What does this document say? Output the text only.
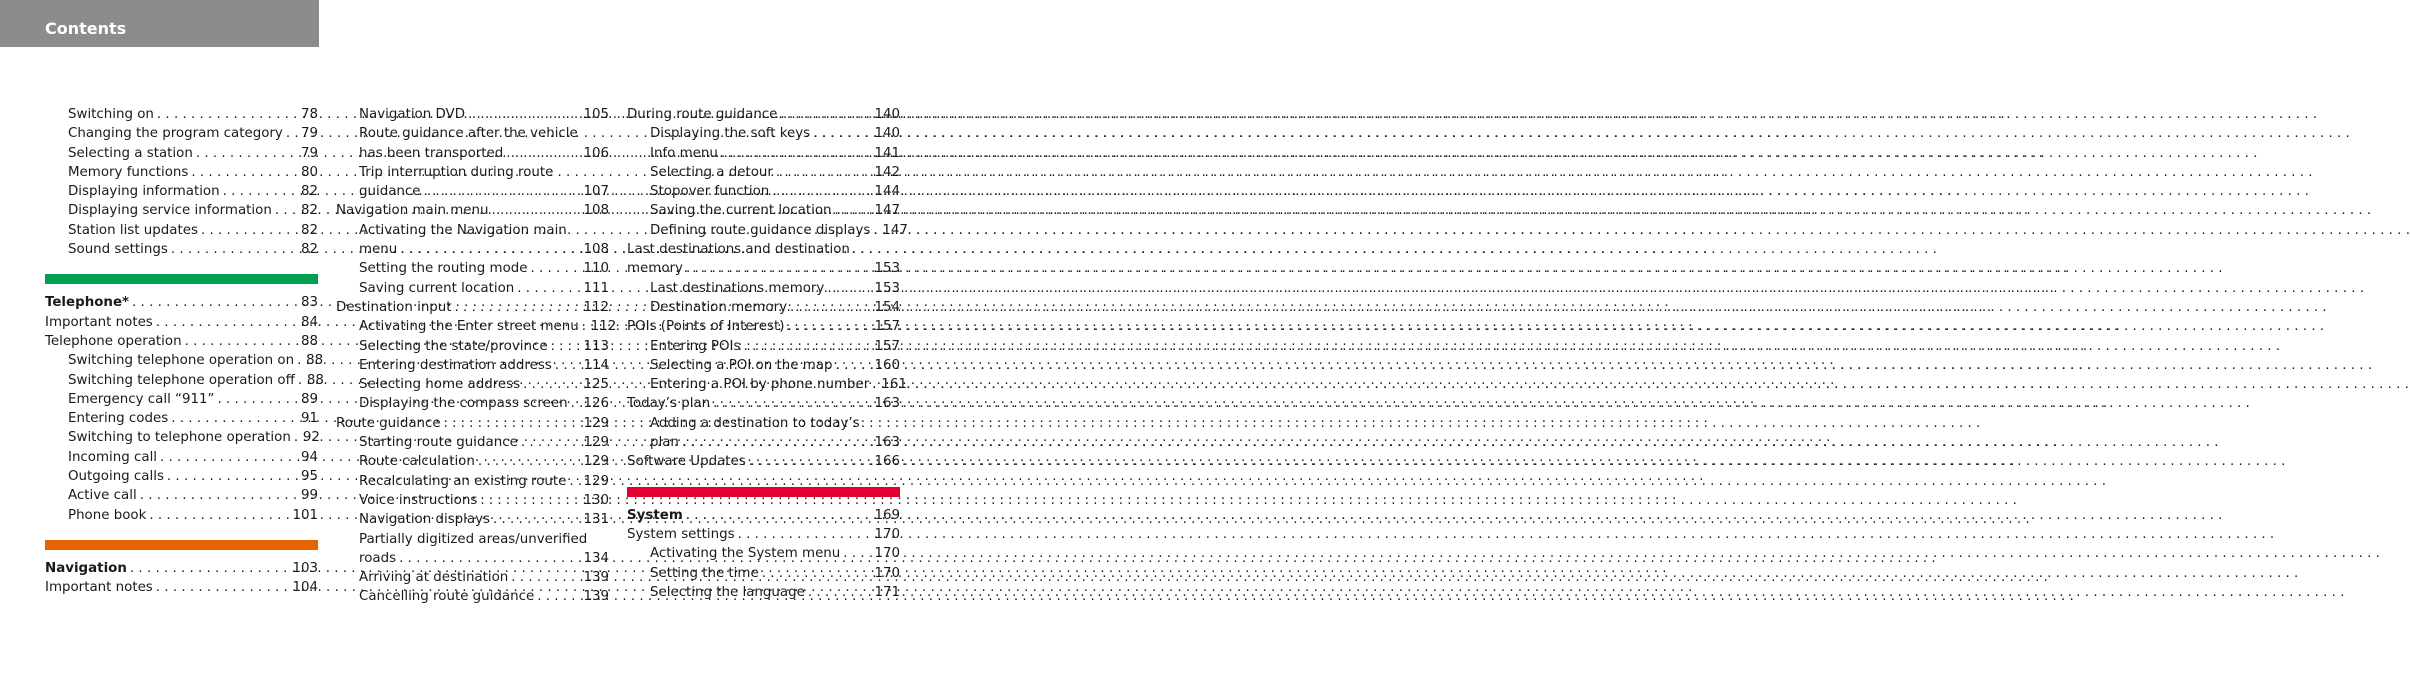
Contents
Switching on . . .	78
Changing the program category . . . 79
Selecting a station . . .	79
Memory functions . . .	80
Displaying information . . .	82
Displaying service information . . . 82
Station list updates . . .	82
Sound settings . . .	82
Telephone* . . .	83
Important notes . . .	84
Telephone operation . . .	88
Switching telephone operation on . . . 88
Switching telephone operation off . . . 88
Emergency call “911” . . .	89
Entering codes . . .	91
Switching to telephone operation . . . 92
Incoming call . . .	94
Outgoing calls . . .	95
Active call . . .	99
Phone book . . .	101
Navigation . . .	103
Important notes . . .	104
Navigation DVD . . .	105
Route guidance after the vehicle
has been transported . . .	106
Trip interruption during route
guidance . . .	107
Navigation main menu . . .	108
Activating the Navigation main
menu . . .	108
Setting the routing mode . . .	110
Saving current location . . .	111
Destination input . . .	112
Activating the Enter street menu . . . 112
Selecting the state/province . . .	113
Entering destination address . . . 114
Selecting home address . . .	125
Displaying the compass screen . . . 126
Route guidance . . .	129
Starting route guidance . . .	129
Route calculation . . .	129
Recalculating an existing route . . . 129
Voice instructions . . .	130
Navigation displays . . .	131
Partially digitized areas/unverified
roads . . .	134
Arriving at destination . . .	139
Cancelling route guidance . . .	139
During route guidance . . .	140
Displaying the soft keys . . .	140
Info menu . . .	141
Selecting a detour . . .	142
Stopover function . . .	144
Saving the current location . . .	147
Defining route guidance displays . . . 147
Last destinations and destination
memory . . .	153
Last destinations memory . . .	153
Destination memory . . .	154
POIs (Points of Interest) . . .	157
Entering POIs . . .	157
Selecting a POI on the map . . .	160
Entering a POI by phone number . . . 161
Today’s plan . . .	163
Adding a destination to today’s
plan . . .	163
Software Updates . . .	166
System . . .	169
System settings . . .	170
Activating the System menu . . .	170
Setting the time . . .	170
Selecting the language . . .	171
